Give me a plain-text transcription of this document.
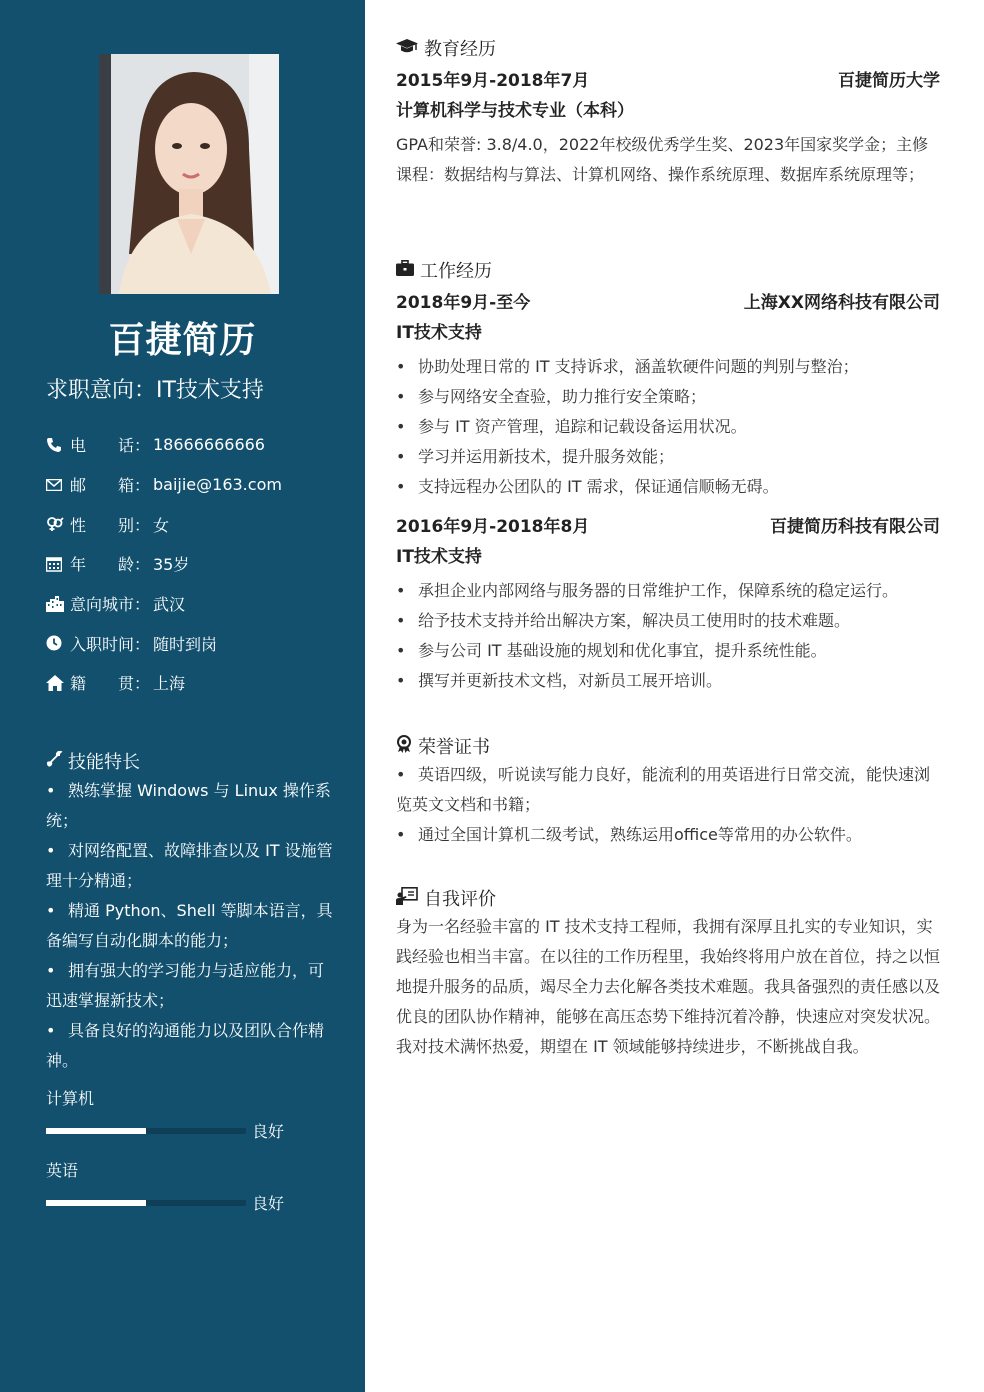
百捷简历
求职意向：IT技术支持
电　　话： 18666666666
邮　　箱： baijie@163.com
性　　别： 女
年　　龄： 35岁
意向城市： 武汉
入职时间： 随时到岗
籍　　贯： 上海
技能特长
• 熟练掌握 Windows 与 Linux 操作系统；
• 对网络配置、故障排查以及 IT 设施管理十分精通；
• 精通 Python、Shell 等脚本语言，具备编写自动化脚本的能力；
• 拥有强大的学习能力与适应能力，可迅速掌握新技术；
• 具备良好的沟通能力以及团队合作精神。
计算机
良好
英语
良好
教育经历
2015年9月-2018年7月	百捷简历大学
计算机科学与技术专业（本科）

GPA和荣誉: 3.8/4.0，2022年校级优秀学生奖、2023年国家奖学金；主修课程：数据结构与算法、计算机网络、操作系统原理、数据库系统原理等；

工作经历
2018年9月-至今	上海XX网络科技有限公司
IT技术支持
• 协助处理日常的 IT 支持诉求，涵盖软硬件问题的判别与整治；
• 参与网络安全查验，助力推行安全策略；
• 参与 IT 资产管理，追踪和记载设备运用状况。
• 学习并运用新技术，提升服务效能；
• 支持远程办公团队的 IT 需求，保证通信顺畅无碍。
2016年9月-2018年8月	百捷简历科技有限公司
IT技术支持
• 承担企业内部网络与服务器的日常维护工作，保障系统的稳定运行。
• 给予技术支持并给出解决方案，解决员工使用时的技术难题。
• 参与公司 IT 基础设施的规划和优化事宜，提升系统性能。
• 撰写并更新技术文档，对新员工展开培训。
荣誉证书
• 英语四级，听说读写能力良好，能流利的用英语进行日常交流，能快速浏览英文文档和书籍；
• 通过全国计算机二级考试，熟练运用office等常用的办公软件。
自我评价

身为一名经验丰富的 IT 技术支持工程师，我拥有深厚且扎实的专业知识，实践经验也相当丰富。在以往的工作历程里，我始终将用户放在首位，持之以恒地提升服务的品质，竭尽全力去化解各类技术难题。我具备强烈的责任感以及优良的团队协作精神，能够在高压态势下维持沉着冷静，快速应对突发状况。我对技术满怀热爱，期望在 IT 领域能够持续进步，不断挑战自我。
